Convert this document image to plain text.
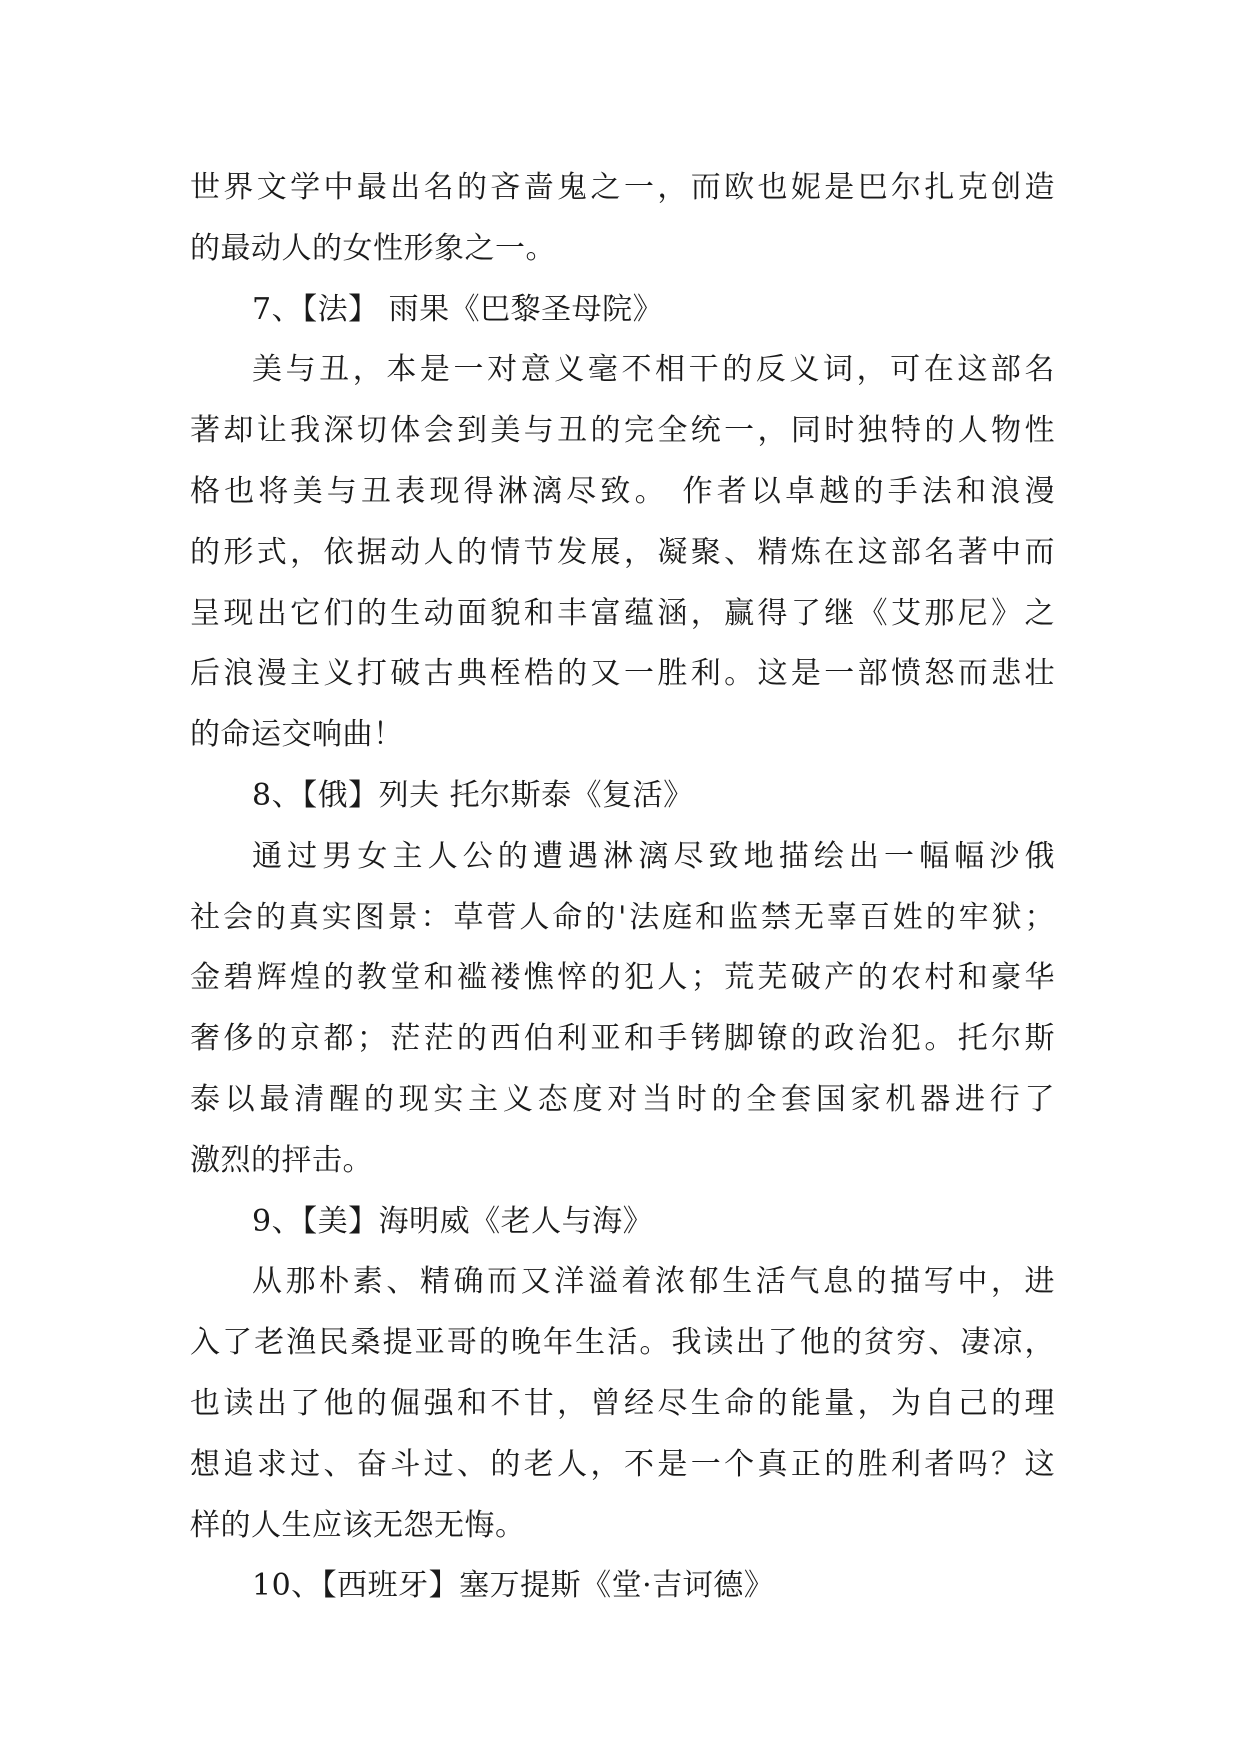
世界文学中最出名的吝啬鬼之一，而欧也妮是巴尔扎克创造
的最动人的女性形象之一。
7、【法】 雨果《巴黎圣母院》
美与丑，本是一对意义毫不相干的反义词，可在这部名
著却让我深切体会到美与丑的完全统一，同时独特的人物性
格也将美与丑表现得淋漓尽致。 作者以卓越的手法和浪漫
的形式，依据动人的情节发展，凝聚、精炼在这部名著中而
呈现出它们的生动面貌和丰富蕴涵，赢得了继《艾那尼》之
后浪漫主义打破古典桎梏的又一胜利。这是一部愤怒而悲壮
的命运交响曲！
8、【俄】列夫 托尔斯泰《复活》
通过男女主人公的遭遇淋漓尽致地描绘出一幅幅沙俄
社会的真实图景：草菅人命的'法庭和监禁无辜百姓的牢狱；
金碧辉煌的教堂和褴褛憔悴的犯人；荒芜破产的农村和豪华
奢侈的京都；茫茫的西伯利亚和手铐脚镣的政治犯。托尔斯
泰以最清醒的现实主义态度对当时的全套国家机器进行了
激烈的抨击。
9、【美】海明威《老人与海》
从那朴素、精确而又洋溢着浓郁生活气息的描写中，进
入了老渔民桑提亚哥的晚年生活。我读出了他的贫穷、凄凉，
也读出了他的倔强和不甘，曾经尽生命的能量，为自己的理
想追求过、奋斗过、的老人，不是一个真正的胜利者吗？这
样的人生应该无怨无悔。
10、【西班牙】塞万提斯《堂·吉诃德》
